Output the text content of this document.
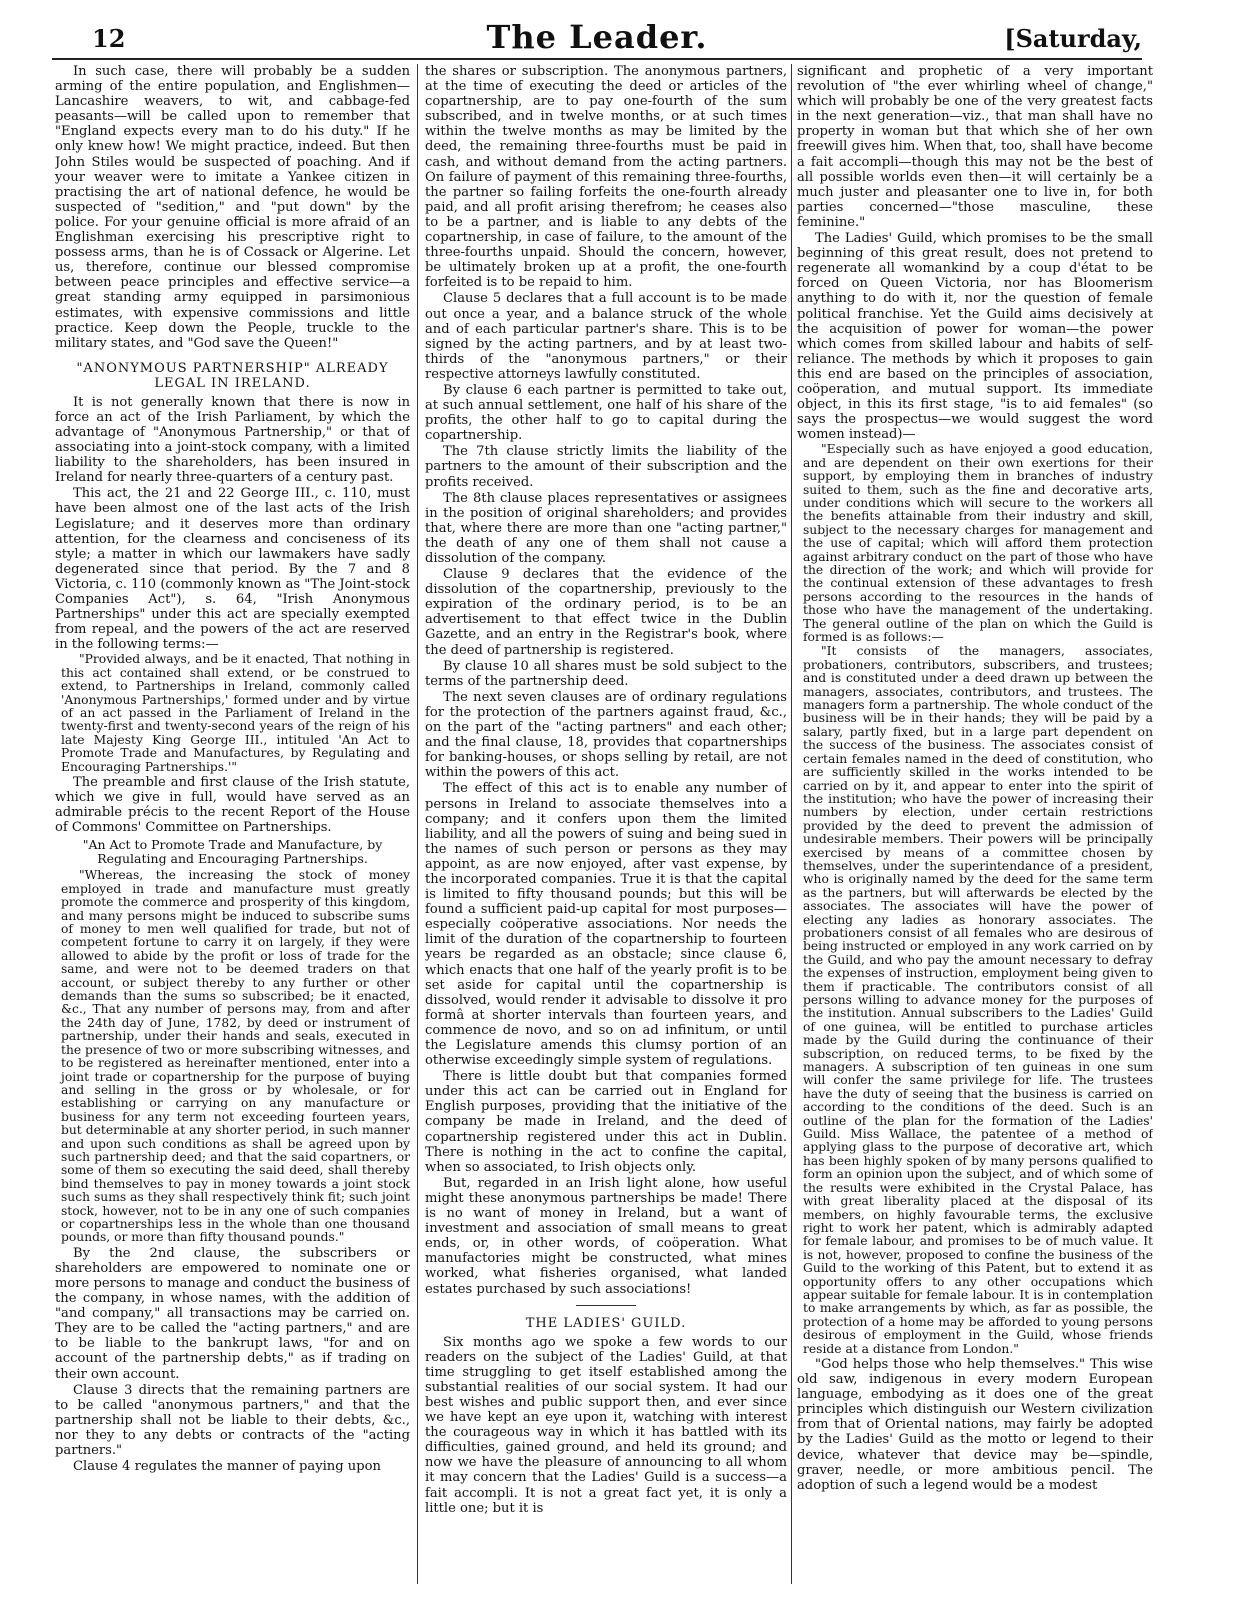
12	The Leader.	[Saturday,

In such case, there will probably be a sudden arming of the entire population, and Englishmen—Lancashire weavers, to wit, and cabbage-fed peasants—will be called upon to remember that "England expects every man to do his duty." If he only knew how! We might practice, indeed. But then John Stiles would be suspected of poaching. And if your weaver were to imitate a Yankee citizen in practising the art of national defence, he would be suspected of "sedition," and "put down" by the police. For your genuine official is more afraid of an Englishman exercising his prescriptive right to possess arms, than he is of Cossack or Algerine. Let us, therefore, continue our blessed compromise between peace principles and effective service—a great standing army equipped in parsimonious estimates, with expensive commissions and little practice. Keep down the People, truckle to the military states, and "God save the Queen!"

"ANONYMOUS PARTNERSHIP" ALREADY LEGAL IN IRELAND.

It is not generally known that there is now in force an act of the Irish Parliament, by which the advantage of "Anonymous Partnership," or that of associating into a joint-stock company, with a limited liability to the shareholders, has been insured in Ireland for nearly three-quarters of a century past.

This act, the 21 and 22 George III., c. 110, must have been almost one of the last acts of the Irish Legislature; and it deserves more than ordinary attention, for the clearness and conciseness of its style; a matter in which our lawmakers have sadly degenerated since that period. By the 7 and 8 Victoria, c. 110 (commonly known as "The Joint-stock Companies Act"), s. 64, "Irish Anonymous Partnerships" under this act are specially exempted from repeal, and the powers of the act are reserved in the following terms:—

"Provided always, and be it enacted, That nothing in this act contained shall extend, or be construed to extend, to Partnerships in Ireland, commonly called 'Anonymous Partnerships,' formed under and by virtue of an act passed in the Parliament of Ireland in the twenty-first and twenty-second years of the reign of his late Majesty King George III., intituled 'An Act to Promote Trade and Manufactures, by Regulating and Encouraging Partnerships.'"

The preamble and first clause of the Irish statute, which we give in full, would have served as an admirable précis to the recent Report of the House of Commons' Committee on Partnerships.

"An Act to Promote Trade and Manufacture, by Regulating and Encouraging Partnerships.

"Whereas, the increasing the stock of money employed in trade and manufacture must greatly promote the commerce and prosperity of this kingdom, and many persons might be induced to subscribe sums of money to men well qualified for trade, but not of competent fortune to carry it on largely, if they were allowed to abide by the profit or loss of trade for the same, and were not to be deemed traders on that account, or subject thereby to any further or other demands than the sums so subscribed; be it enacted, &c., That any number of persons may, from and after the 24th day of June, 1782, by deed or instrument of partnership, under their hands and seals, executed in the presence of two or more subscribing witnesses, and to be registered as hereinafter mentioned, enter into a joint trade or copartnership for the purpose of buying and selling in the gross or by wholesale, or for establishing or carrying on any manufacture or business for any term not exceeding fourteen years, but determinable at any shorter period, in such manner and upon such conditions as shall be agreed upon by such partnership deed; and that the said copartners, or some of them so executing the said deed, shall thereby bind themselves to pay in money towards a joint stock such sums as they shall respectively think fit; such joint stock, however, not to be in any one of such companies or copartnerships less in the whole than one thousand pounds, or more than fifty thousand pounds."

By the 2nd clause, the subscribers or shareholders are empowered to nominate one or more persons to manage and conduct the business of the company, in whose names, with the addition of "and company," all transactions may be carried on. They are to be called the "acting partners," and are to be liable to the bankrupt laws, "for and on account of the partnership debts," as if trading on their own account.

Clause 3 directs that the remaining partners are to be called "anonymous partners," and that the partnership shall not be liable to their debts, &c., nor they to any debts or contracts of the "acting partners."

Clause 4 regulates the manner of paying upon

the shares or subscription. The anonymous partners, at the time of executing the deed or articles of the copartnership, are to pay one-fourth of the sum subscribed, and in twelve months, or at such times within the twelve months as may be limited by the deed, the remaining three-fourths must be paid in cash, and without demand from the acting partners. On failure of payment of this remaining three-fourths, the partner so failing forfeits the one-fourth already paid, and all profit arising therefrom; he ceases also to be a partner, and is liable to any debts of the copartnership, in case of failure, to the amount of the three-fourths unpaid. Should the concern, however, be ultimately broken up at a profit, the one-fourth forfeited is to be repaid to him.

Clause 5 declares that a full account is to be made out once a year, and a balance struck of the whole and of each particular partner's share. This is to be signed by the acting partners, and by at least two-thirds of the "anonymous partners," or their respective attorneys lawfully constituted.

By clause 6 each partner is permitted to take out, at such annual settlement, one half of his share of the profits, the other half to go to capital during the copartnership.

The 7th clause strictly limits the liability of the partners to the amount of their subscription and the profits received.

The 8th clause places representatives or assignees in the position of original shareholders; and provides that, where there are more than one "acting partner," the death of any one of them shall not cause a dissolution of the company.

Clause 9 declares that the evidence of the dissolution of the copartnership, previously to the expiration of the ordinary period, is to be an advertisement to that effect twice in the Dublin Gazette, and an entry in the Registrar's book, where the deed of partnership is registered.

By clause 10 all shares must be sold subject to the terms of the partnership deed.

The next seven clauses are of ordinary regulations for the protection of the partners against fraud, &c., on the part of the "acting partners" and each other; and the final clause, 18, provides that copartnerships for banking-houses, or shops selling by retail, are not within the powers of this act.

The effect of this act is to enable any number of persons in Ireland to associate themselves into a company; and it confers upon them the limited liability, and all the powers of suing and being sued in the names of such person or persons as they may appoint, as are now enjoyed, after vast expense, by the incorporated companies. True it is that the capital is limited to fifty thousand pounds; but this will be found a sufficient paid-up capital for most purposes—especially coöperative associations. Nor needs the limit of the duration of the copartnership to fourteen years be regarded as an obstacle; since clause 6, which enacts that one half of the yearly profit is to be set aside for capital until the copartnership is dissolved, would render it advisable to dissolve it pro formâ at shorter intervals than fourteen years, and commence de novo, and so on ad infinitum, or until the Legislature amends this clumsy portion of an otherwise exceedingly simple system of regulations.

There is little doubt but that companies formed under this act can be carried out in England for English purposes, providing that the initiative of the company be made in Ireland, and the deed of copartnership registered under this act in Dublin. There is nothing in the act to confine the capital, when so associated, to Irish objects only.

But, regarded in an Irish light alone, how useful might these anonymous partnerships be made! There is no want of money in Ireland, but a want of investment and association of small means to great ends, or, in other words, of coöperation. What manufactories might be constructed, what mines worked, what fisheries organised, what landed estates purchased by such associations!

THE LADIES' GUILD.

Six months ago we spoke a few words to our readers on the subject of the Ladies' Guild, at that time struggling to get itself established among the substantial realities of our social system. It had our best wishes and public support then, and ever since we have kept an eye upon it, watching with interest the courageous way in which it has battled with its difficulties, gained ground, and held its ground; and now we have the pleasure of announcing to all whom it may concern that the Ladies' Guild is a success—a fait accompli. It is not a great fact yet, it is only a little one; but it is

significant and prophetic of a very important revolution of "the ever whirling wheel of change," which will probably be one of the very greatest facts in the next generation—viz., that man shall have no property in woman but that which she of her own freewill gives him. When that, too, shall have become a fait accompli—though this may not be the best of all possible worlds even then—it will certainly be a much juster and pleasanter one to live in, for both parties concerned—"those masculine, these feminine."

The Ladies' Guild, which promises to be the small beginning of this great result, does not pretend to regenerate all womankind by a coup d'état to be forced on Queen Victoria, nor has Bloomerism anything to do with it, nor the question of female political franchise. Yet the Guild aims decisively at the acquisition of power for woman—the power which comes from skilled labour and habits of self-reliance. The methods by which it proposes to gain this end are based on the principles of association, coöperation, and mutual support. Its immediate object, in this its first stage, "is to aid females" (so says the prospectus—we would suggest the word women instead)—

"Especially such as have enjoyed a good education, and are dependent on their own exertions for their support, by employing them in branches of industry suited to them, such as the fine and decorative arts, under conditions which will secure to the workers all the benefits attainable from their industry and skill, subject to the necessary charges for management and the use of capital; which will afford them protection against arbitrary conduct on the part of those who have the direction of the work; and which will provide for the continual extension of these advantages to fresh persons according to the resources in the hands of those who have the management of the undertaking. The general outline of the plan on which the Guild is formed is as follows:—

"It consists of the managers, associates, probationers, contributors, subscribers, and trustees; and is constituted under a deed drawn up between the managers, associates, contributors, and trustees. The managers form a partnership. The whole conduct of the business will be in their hands; they will be paid by a salary, partly fixed, but in a large part dependent on the success of the business. The associates consist of certain females named in the deed of constitution, who are sufficiently skilled in the works intended to be carried on by it, and appear to enter into the spirit of the institution; who have the power of increasing their numbers by election, under certain restrictions provided by the deed to prevent the admission of undesirable members. Their powers will be principally exercised by means of a committee chosen by themselves, under the superintendance of a president, who is originally named by the deed for the same term as the partners, but will afterwards be elected by the associates. The associates will have the power of electing any ladies as honorary associates. The probationers consist of all females who are desirous of being instructed or employed in any work carried on by the Guild, and who pay the amount necessary to defray the expenses of instruction, employment being given to them if practicable. The contributors consist of all persons willing to advance money for the purposes of the institution. Annual subscribers to the Ladies' Guild of one guinea, will be entitled to purchase articles made by the Guild during the continuance of their subscription, on reduced terms, to be fixed by the managers. A subscription of ten guineas in one sum will confer the same privilege for life. The trustees have the duty of seeing that the business is carried on according to the conditions of the deed. Such is an outline of the plan for the formation of the Ladies' Guild. Miss Wallace, the patentee of a method of applying glass to the purpose of decorative art, which has been highly spoken of by many persons qualified to form an opinion upon the subject, and of which some of the results were exhibited in the Crystal Palace, has with great liberality placed at the disposal of its members, on highly favourable terms, the exclusive right to work her patent, which is admirably adapted for female labour, and promises to be of much value. It is not, however, proposed to confine the business of the Guild to the working of this Patent, but to extend it as opportunity offers to any other occupations which appear suitable for female labour. It is in contemplation to make arrangements by which, as far as possible, the protection of a home may be afforded to young persons desirous of employment in the Guild, whose friends reside at a distance from London."

"God helps those who help themselves." This wise old saw, indigenous in every modern European language, embodying as it does one of the great principles which distinguish our Western civilization from that of Oriental nations, may fairly be adopted by the Ladies' Guild as the motto or legend to their device, whatever that device may be—spindle, graver, needle, or more ambitious pencil. The adoption of such a legend would be a modest
